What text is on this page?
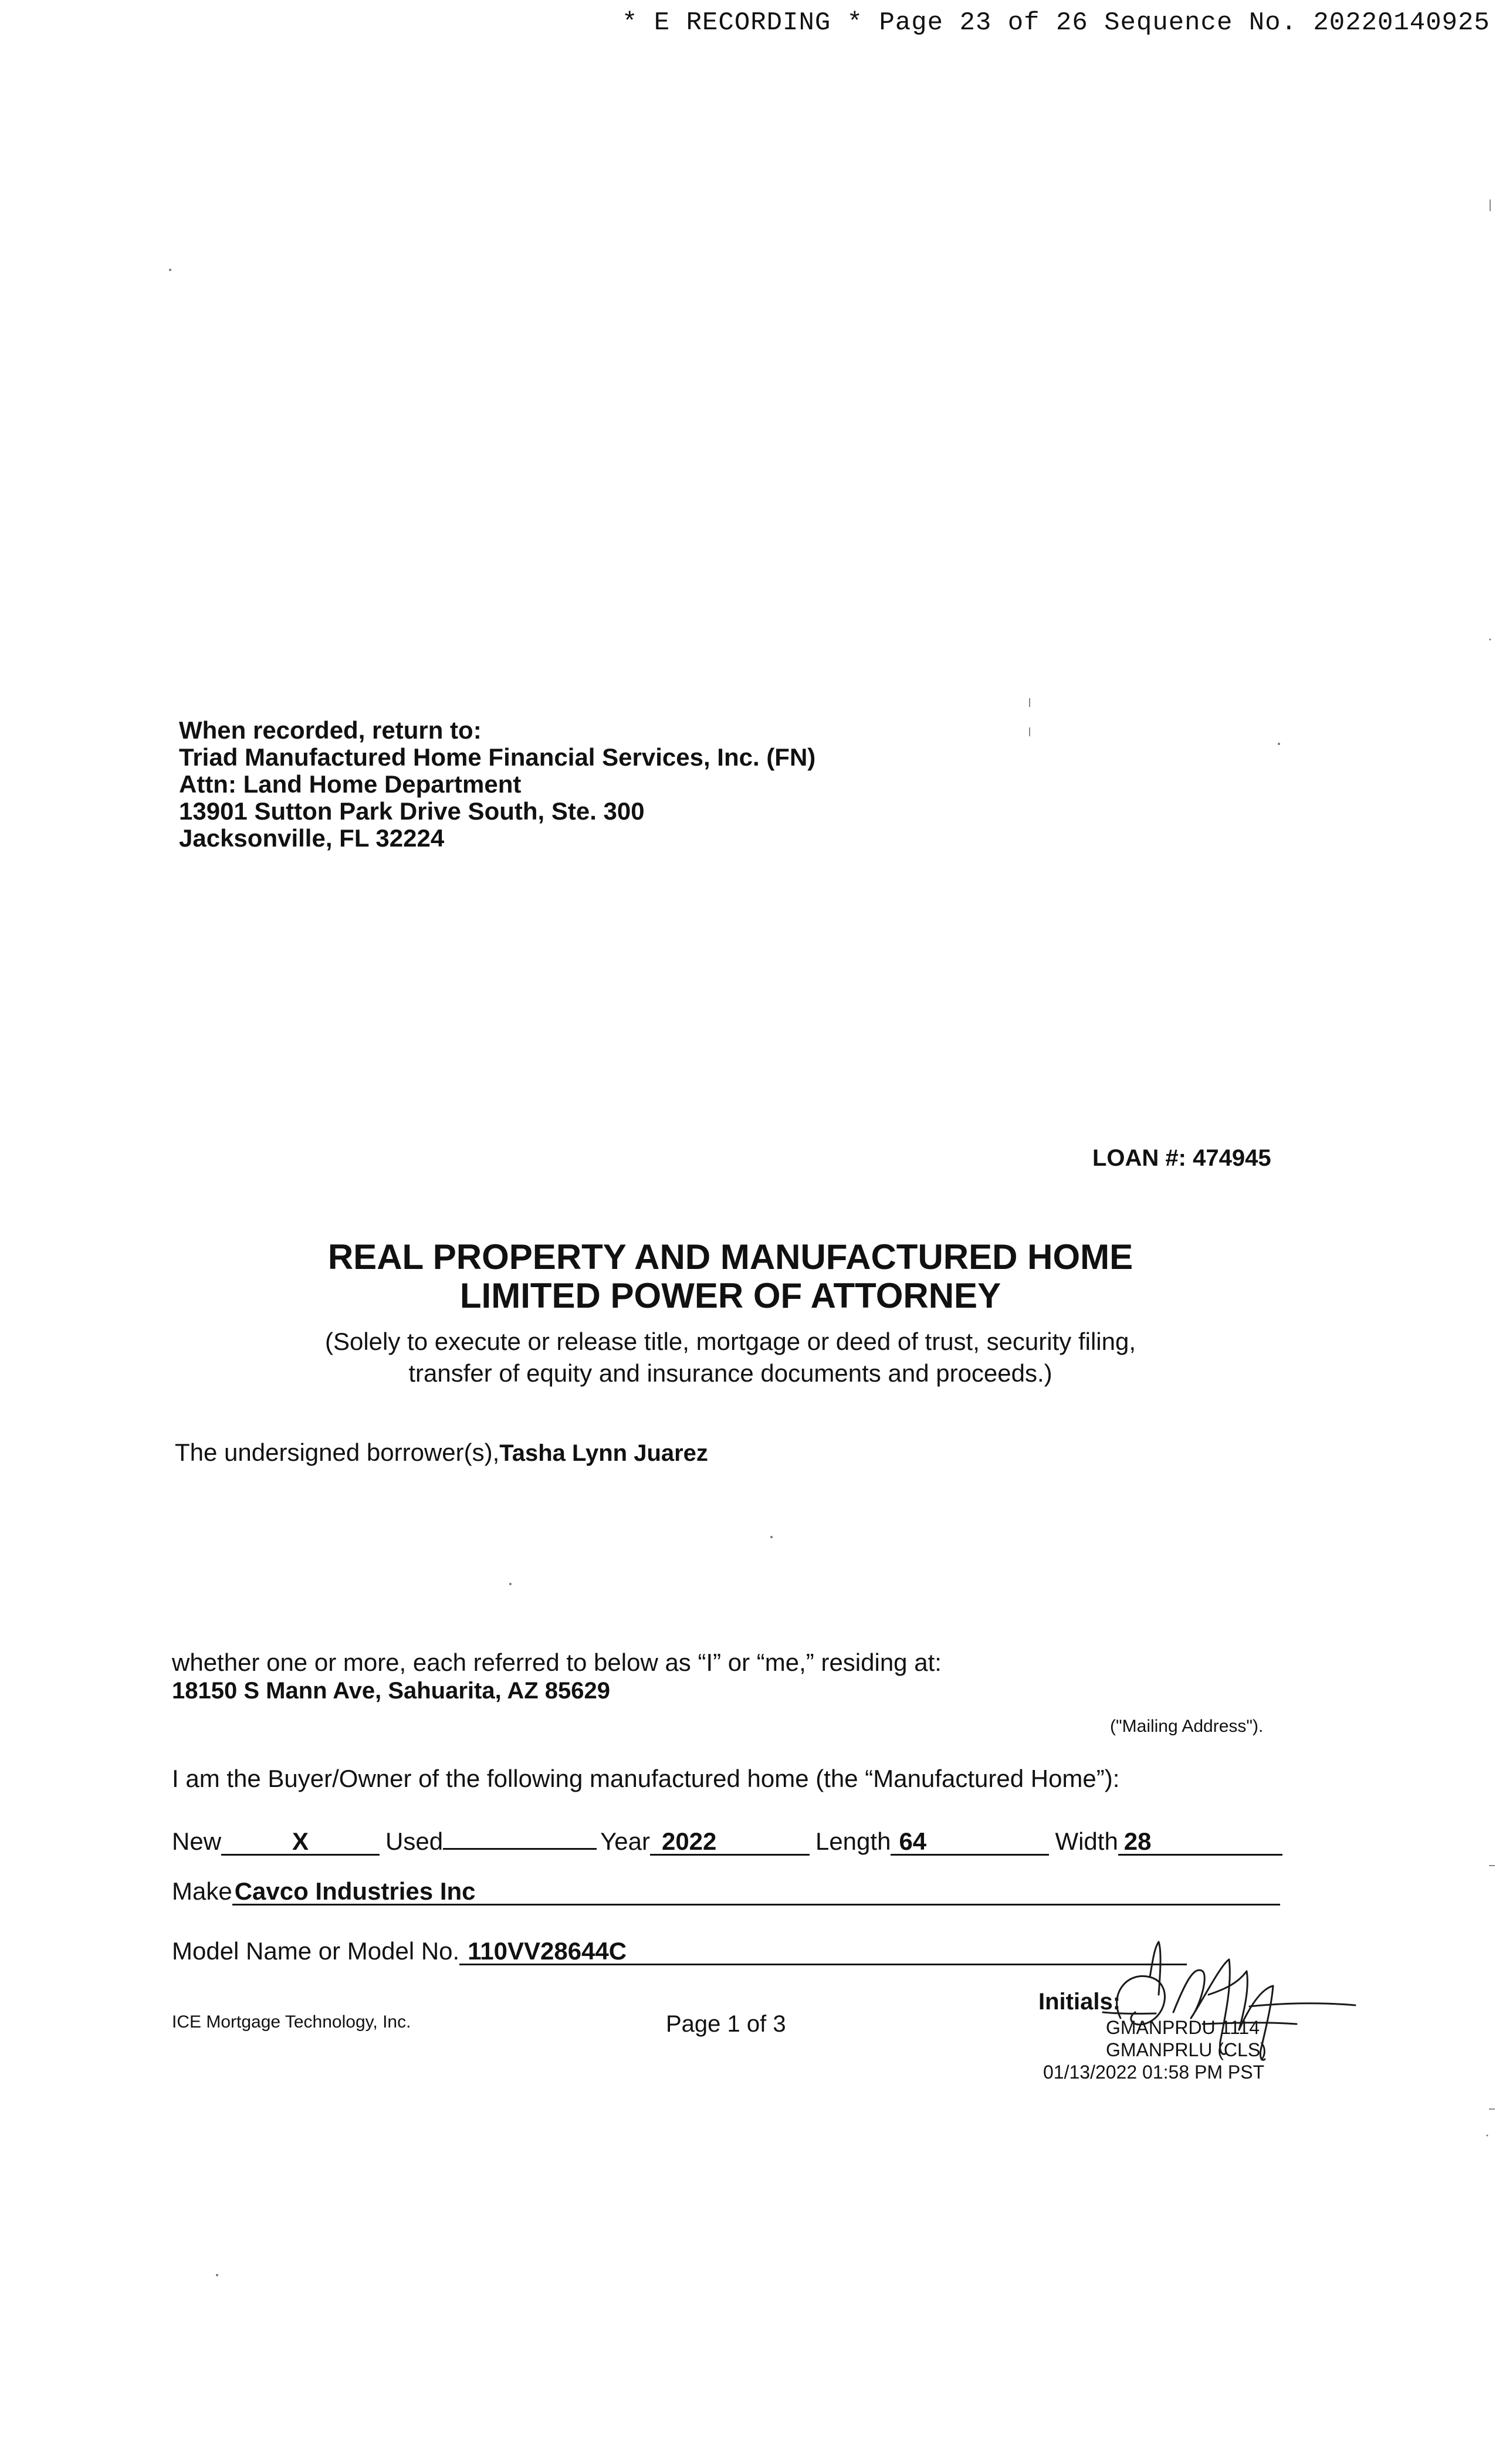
* E RECORDING * Page 23 of 26 Sequence No. 20220140925
When recorded, return to:
Triad Manufactured Home Financial Services, Inc. (FN)
Attn: Land Home Department
13901 Sutton Park Drive South, Ste. 300
Jacksonville, FL 32224
LOAN #: 474945
REAL PROPERTY AND MANUFACTURED HOME
LIMITED POWER OF ATTORNEY
(Solely to execute or release title, mortgage or deed of trust, security filing,
transfer of equity and insurance documents and proceeds.)
The undersigned borrower(s),Tasha Lynn Juarez
whether one or more, each referred to below as “I” or “me,” residing at:
18150 S Mann Ave, Sahuarita, AZ 85629
("Mailing Address").
I am the Buyer/Owner of the following manufactured home (the “Manufactured Home”):
New	X	Used	Year 2022	Length 64	Width 28
MakeCavco Industries Inc
Model Name or Model No. 110VV28644C
ICE Mortgage Technology, Inc.	Page 1 of 3
Initials:
GMANPRDU 1114
GMANPRLU (CLS)
01/13/2022 01:58 PM PST
